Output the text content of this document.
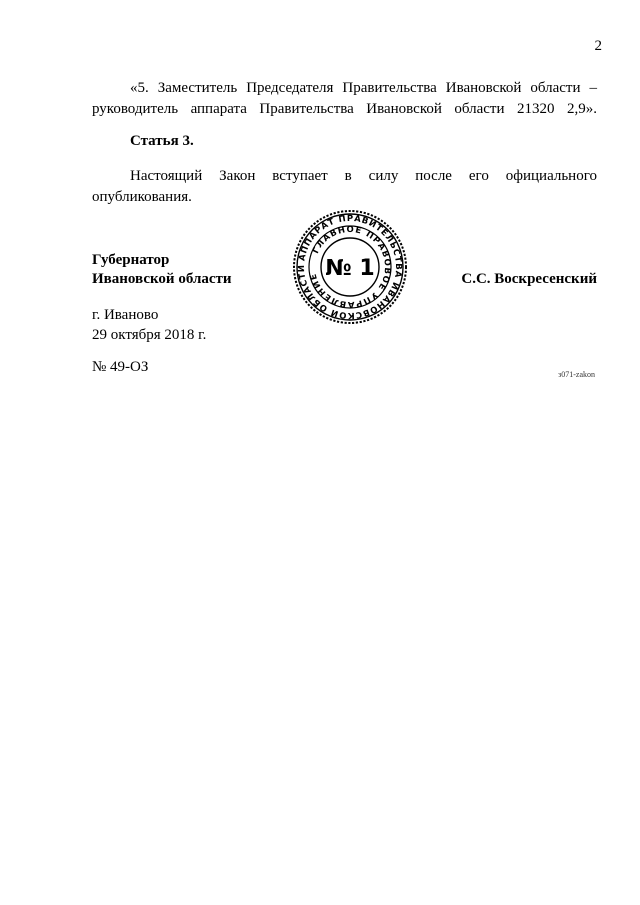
2
«5. Заместитель Председателя Правительства Ивановской области –
руководитель аппарата Правительства Ивановской области 21320 2,9».
Статья 3.
Настоящий Закон вступает в силу после его официального
опубликования.
Губернатор
Ивановской области	С.С. Воскресенский
г. Иваново
29 октября 2018 г.
№ 49-ОЗ	з071-zakon
АППАРАТ ПРАВИТЕЛЬСТВА ИВАНОВСКОЙ ОБЛАСТИ
ГЛАВНОЕ ПРАВОВОЕ УПРАВЛЕНИЕ № 1
